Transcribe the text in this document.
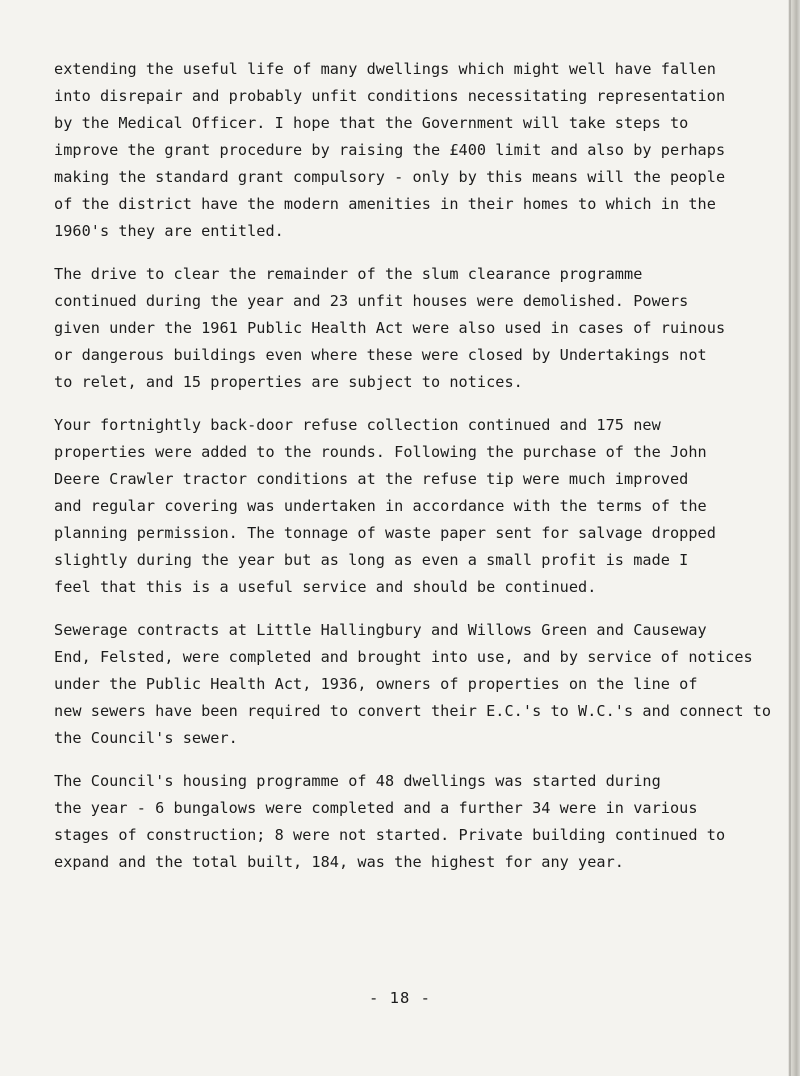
extending the useful life of many dwellings which might well have fallen
into disrepair and probably unfit conditions necessitating representation
by the Medical Officer. I hope that the Government will take steps to
improve the grant procedure by raising the £400 limit and also by perhaps
making the standard grant compulsory - only by this means will the people
of the district have the modern amenities in their homes to which in the
1960's they are entitled.

The drive to clear the remainder of the slum clearance programme
continued during the year and 23 unfit houses were demolished. Powers
given under the 1961 Public Health Act were also used in cases of ruinous
or dangerous buildings even where these were closed by Undertakings not
to relet, and 15 properties are subject to notices.

Your fortnightly back-door refuse collection continued and 175 new
properties were added to the rounds. Following the purchase of the John
Deere Crawler tractor conditions at the refuse tip were much improved
and regular covering was undertaken in accordance with the terms of the
planning permission. The tonnage of waste paper sent for salvage dropped
slightly during the year but as long as even a small profit is made I
feel that this is a useful service and should be continued.

Sewerage contracts at Little Hallingbury and Willows Green and Causeway
End, Felsted, were completed and brought into use, and by service of notices
under the Public Health Act, 1936, owners of properties on the line of
new sewers have been required to convert their E.C.'s to W.C.'s and connect to
the Council's sewer.

The Council's housing programme of 48 dwellings was started during
the year - 6 bungalows were completed and a further 34 were in various
stages of construction; 8 were not started. Private building continued to
expand and the total built, 184, was the highest for any year.

- 18 -
